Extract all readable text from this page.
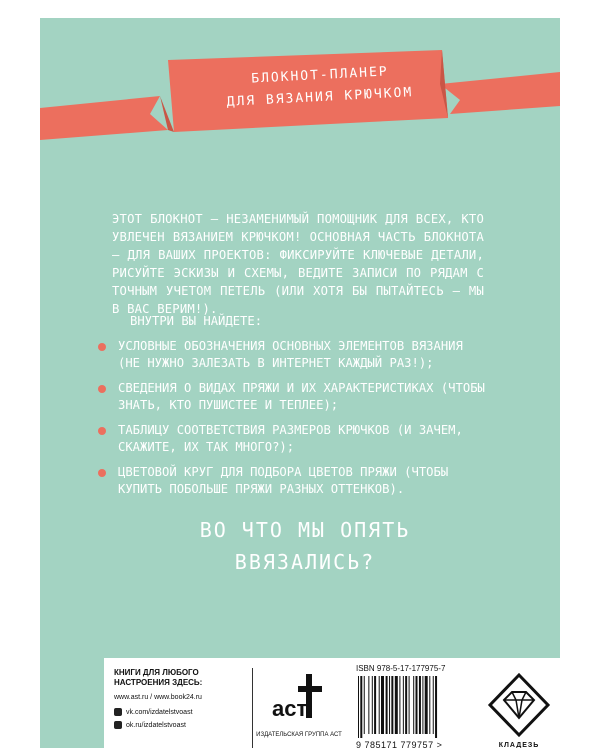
БЛОКНОТ-ПЛАНЕР
ДЛЯ ВЯЗАНИЯ КРЮЧКОМ
ЭТОТ БЛОКНОТ — НЕЗАМЕНИМЫЙ ПОМОЩНИК ДЛЯ ВСЕХ, КТО УВЛЕЧЕН ВЯЗАНИЕМ КРЮЧКОМ! ОСНОВНАЯ ЧАСТЬ БЛОКНОТА — ДЛЯ ВАШИХ ПРОЕКТОВ: ФИКСИРУЙТЕ КЛЮЧЕВЫЕ ДЕТАЛИ, РИСУЙТЕ ЭСКИЗЫ И СХЕМЫ, ВЕДИТЕ ЗАПИСИ ПО РЯДАМ С ТОЧНЫМ УЧЕТОМ ПЕТЕЛЬ (ИЛИ ХОТЯ БЫ ПЫТАЙТЕСЬ — МЫ В ВАС ВЕРИМ!).
ВНУТРИ ВЫ НАЙДЕТЕ:
УСЛОВНЫЕ ОБОЗНАЧЕНИЯ ОСНОВНЫХ ЭЛЕМЕНТОВ ВЯЗАНИЯ (НЕ НУЖНО ЗАЛЕЗАТЬ В ИНТЕРНЕТ КАЖДЫЙ РАЗ!);
СВЕДЕНИЯ О ВИДАХ ПРЯЖИ И ИХ ХАРАКТЕРИСТИКАХ (ЧТОБЫ ЗНАТЬ, КТО ПУШИСТЕЕ И ТЕПЛЕЕ);
ТАБЛИЦУ СООТВЕТСТВИЯ РАЗМЕРОВ КРЮЧКОВ (И ЗАЧЕМ, СКАЖИТЕ, ИХ ТАК МНОГО?);
ЦВЕТОВОЙ КРУГ ДЛЯ ПОДБОРА ЦВЕТОВ ПРЯЖИ (ЧТОБЫ КУПИТЬ ПОБОЛЬШЕ ПРЯЖИ РАЗНЫХ ОТТЕНКОВ).
ВО ЧТО МЫ ОПЯТЬ
ВВЯЗАЛИСЬ?
КНИГИ ДЛЯ ЛЮБОГО НАСТРОЕНИЯ ЗДЕСЬ:
www.ast.ru / www.book24.ru
vk.com/izdatelstvoast
ok.ru/izdatelstvoast
аст
ИЗДАТЕЛЬСКАЯ ГРУППА АСТ
ISBN 978-5-17-177975-7
9 785171 779757 >	КЛАДЕЗЬ
